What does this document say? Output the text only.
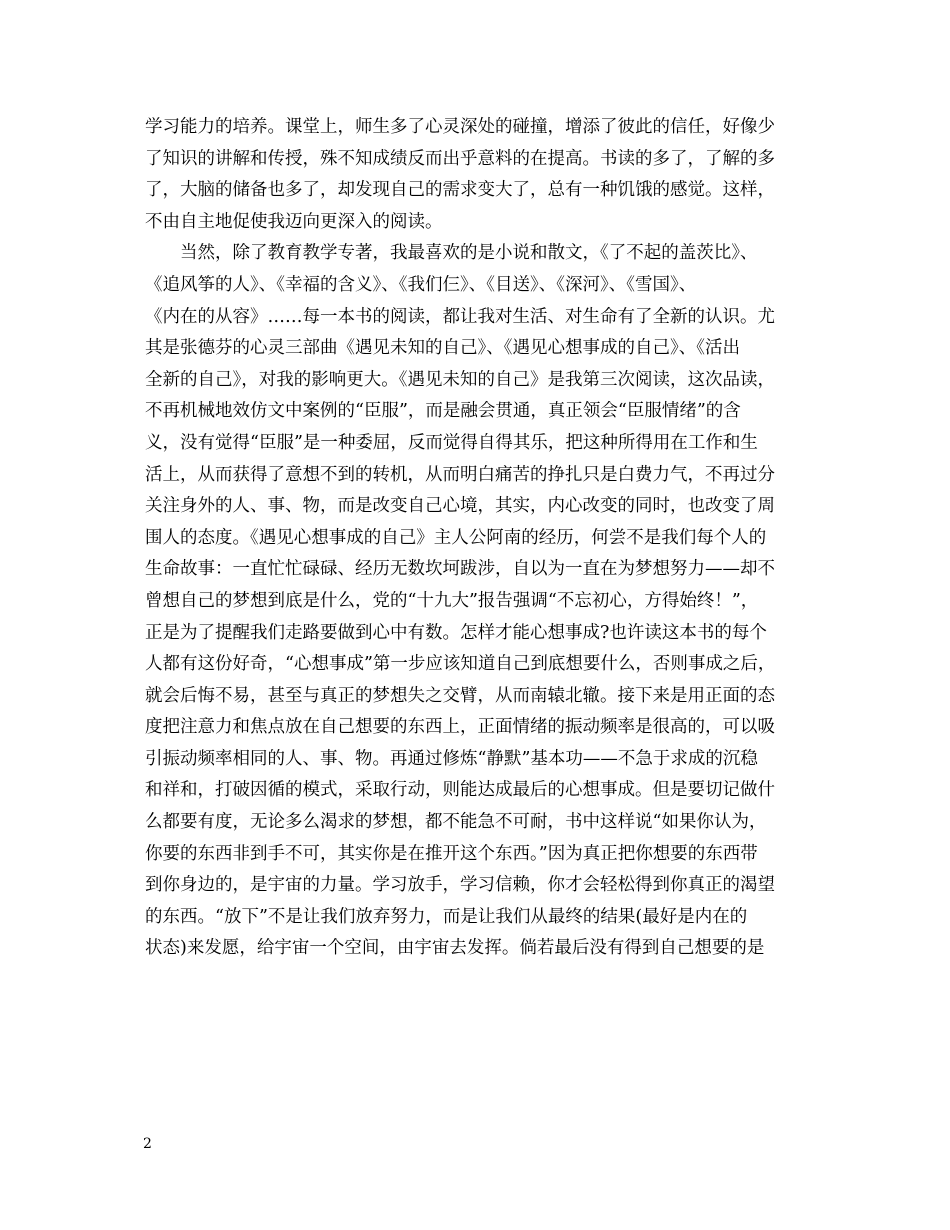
学习能力的培养。课堂上，师生多了心灵深处的碰撞，增添了彼此的信任，好像少
了知识的讲解和传授，殊不知成绩反而出乎意料的在提高。书读的多了，了解的多
了，大脑的储备也多了，却发现自己的需求变大了，总有一种饥饿的感觉。这样，
不由自主地促使我迈向更深入的阅读。
当然，除了教育教学专著，我最喜欢的是小说和散文，《了不起的盖茨比》、
《追风筝的人》、《幸福的含义》、《我们仨》、《目送》、《深河》、《雪国》、
《内在的从容》……每一本书的阅读，都让我对生活、对生命有了全新的认识。尤
其是张德芬的心灵三部曲《遇见未知的自己》、《遇见心想事成的自己》、《活出
全新的自己》，对我的影响更大。《遇见未知的自己》是我第三次阅读，这次品读，
不再机械地效仿文中案例的“臣服”，而是融会贯通，真正领会“臣服情绪”的含
义，没有觉得“臣服”是一种委屈，反而觉得自得其乐，把这种所得用在工作和生
活上，从而获得了意想不到的转机，从而明白痛苦的挣扎只是白费力气，不再过分
关注身外的人、事、物，而是改变自己心境，其实，内心改变的同时，也改变了周
围人的态度。《遇见心想事成的自己》主人公阿南的经历，何尝不是我们每个人的
生命故事：一直忙忙碌碌、经历无数坎坷跋涉，自以为一直在为梦想努力——却不
曾想自己的梦想到底是什么，党的“十九大”报告强调“不忘初心，方得始终！”，
正是为了提醒我们走路要做到心中有数。怎样才能心想事成?也许读这本书的每个
人都有这份好奇，“心想事成”第一步应该知道自己到底想要什么，否则事成之后，
就会后悔不易，甚至与真正的梦想失之交臂，从而南辕北辙。接下来是用正面的态
度把注意力和焦点放在自己想要的东西上，正面情绪的振动频率是很高的，可以吸
引振动频率相同的人、事、物。再通过修炼“静默”基本功——不急于求成的沉稳
和祥和，打破因循的模式，采取行动，则能达成最后的心想事成。但是要切记做什
么都要有度，无论多么渴求的梦想，都不能急不可耐，书中这样说“如果你认为，
你要的东西非到手不可，其实你是在推开这个东西。”因为真正把你想要的东西带
到你身边的，是宇宙的力量。学习放手，学习信赖，你才会轻松得到你真正的渴望
的东西。“放下”不是让我们放弃努力，而是让我们从最终的结果(最好是内在的
状态)来发愿，给宇宙一个空间，由宇宙去发挥。倘若最后没有得到自己想要的是
2
